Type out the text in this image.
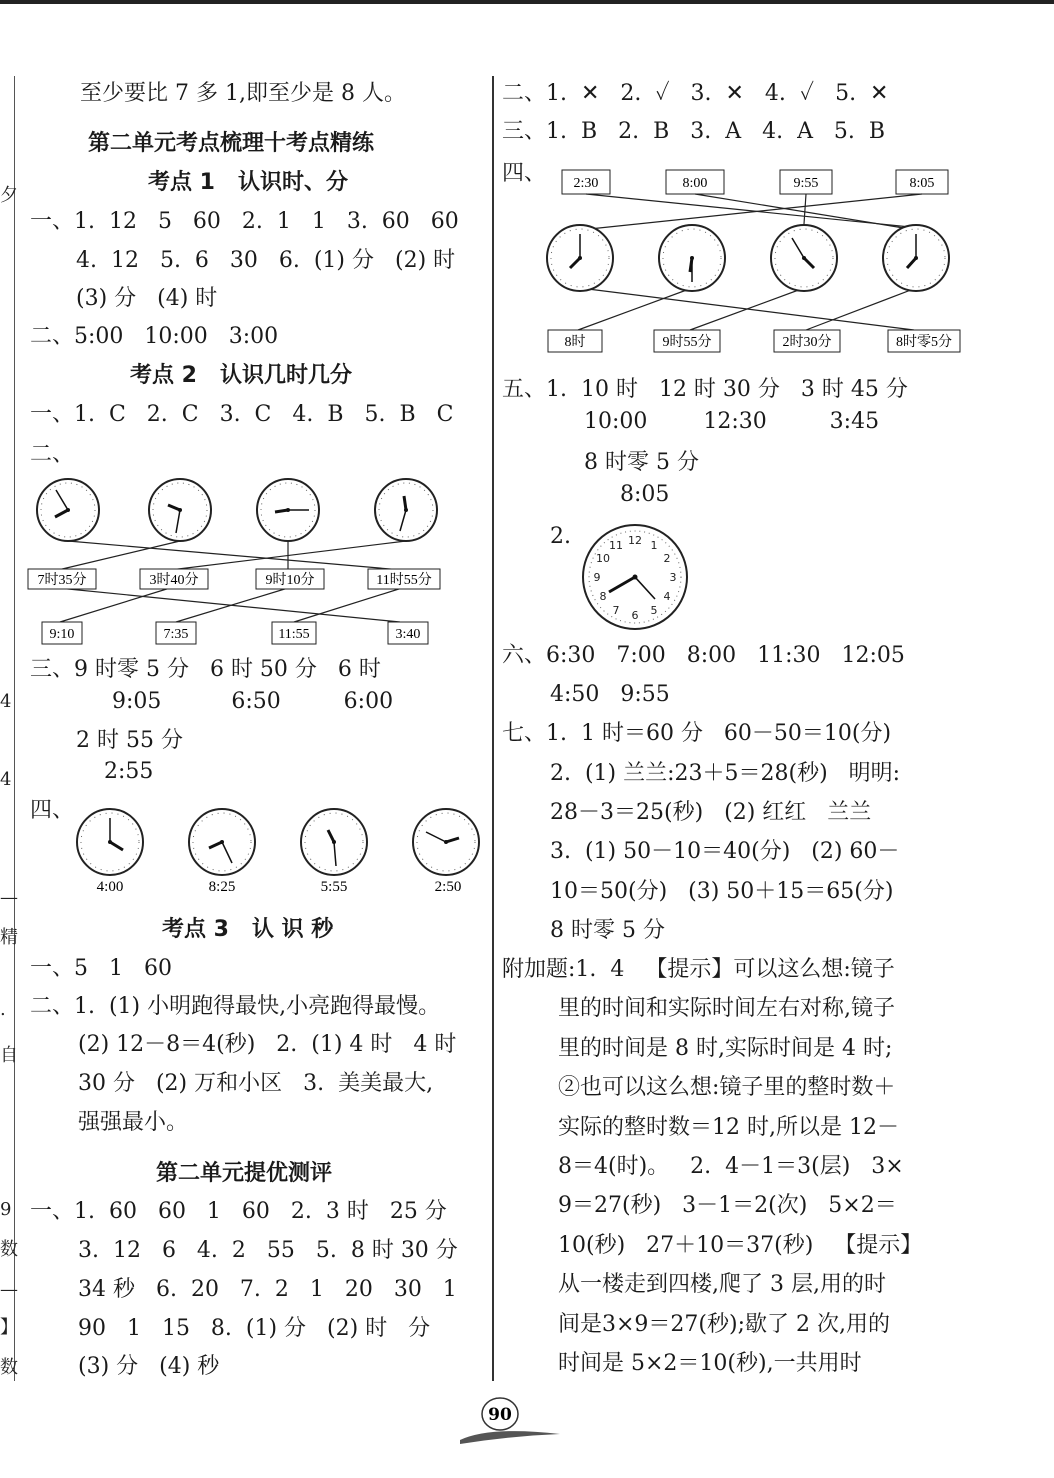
夕
4
4
—
精
.
自
9
数
—
】
数
至少要比 7 多 1,即至少是 8 人。
第二单元考点梳理十考点精练
考点 1   认识时、分
一、1.  12   5   60   2.  1   1   3.  60   60
4.  12   5.  6   30   6.  (1) 分   (2) 时
(3) 分   (4) 时
二、5:00   10:00   3:00
考点 2   认识几时几分
一、1.  C   2.  C   3.  C   4.  B   5.  B   C
二、
7时35分	3时40分	9时10分	11时55分
9:10	7:35	11:55	3:40
三、9 时零 5 分   6 时 50 分   6 时
9:05          6:50         6:00
2 时 55 分
2:55
四、
4:00	8:25	5:55	2:50
考点 3   认 识 秒
一、5   1   60
二、1.  (1) 小明跑得最快,小亮跑得最慢。
(2) 12－8＝4(秒)   2.  (1) 4 时   4 时
30 分   (2) 万和小区   3.  美美最大,
强强最小。
第二单元提优测评
一、1.  60   60   1   60   2.  3 时   25 分
3.  12   6   4.  2   55   5.  8 时 30 分
34 秒   6.  20   7.  2   1   20   30   1
90   1   15   8.  (1) 分   (2) 时   分
(3) 分   (4) 秒
二、1.  ✕   2.  ✓   3.  ✕   4.  ✓   5.  ✕
三、1.  B   2.  B   3.  A   4.  A   5.  B
四、 2:30	8:00	9:55	8:05
8时	9时55分	2时30分	8时零5分
五、1.  10 时   12 时 30 分   3 时 45 分
10:00        12:30         3:45
8 时零 5 分
8:05
2.	12
3
6
9
1
2
4
5
7
8
10
11
六、6:30   7:00   8:00   11:30   12:05
4:50   9:55
七、1.  1 时＝60 分   60－50＝10(分)
2.  (1) 兰兰:23＋5＝28(秒)   明明:
28－3＝25(秒)   (2) 红红   兰兰
3.  (1) 50－10＝40(分)   (2) 60－
10＝50(分)   (3) 50＋15＝65(分)
8 时零 5 分
附加题:1.  4   【提示】可以这么想:镜子
里的时间和实际时间左右对称,镜子
里的时间是 8 时,实际时间是 4 时;
②也可以这么想:镜子里的整时数＋
实际的整时数＝12 时,所以是 12－
8＝4(时)。   2.  4－1＝3(层)   3×
9＝27(秒)   3－1＝2(次)   5×2＝
10(秒)   27＋10＝37(秒)   【提示】
从一楼走到四楼,爬了 3 层,用的时
间是3×9＝27(秒);歇了 2 次,用的
时间是 5×2＝10(秒),一共用时
90
